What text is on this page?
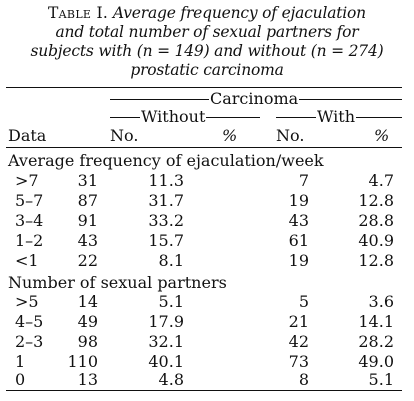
Table I. Average frequency of ejaculation
and total number of sexual partners for
subjects with (n = 149) and without (n = 274)
prostatic carcinoma
Carcinoma
Without	With
Data	No.	% No.	%
Average frequency of ejaculation/week
>7 31	11.3	7	4.7
5–7 87	31.7	19	12.8
3–4 91	33.2	43	28.8
1–2 43	15.7	61	40.9
<1 22	8.1	19	12.8
Number of sexual partners
>5 14	5.1	5	3.6
4–5 49	17.9	21	14.1
2–3 98	32.1	42	28.2
1	110	40.1	73	49.0
0	13	4.8	8	5.1
